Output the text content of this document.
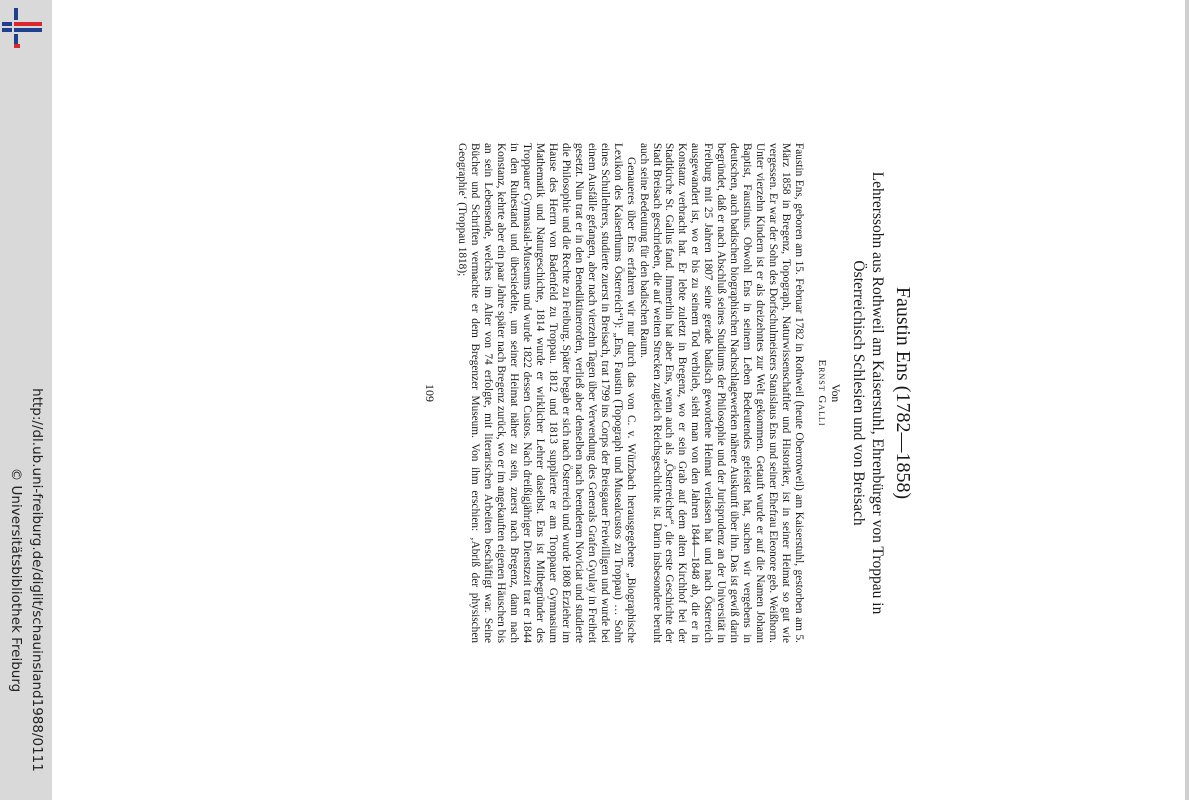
http://dl.ub.uni-freiburg.de/diglit/schauinsland1988/0111
© Universitätsbibliothek Freiburg
Faustin Ens (1782—1858)
Lehrerssohn aus Rothweil am Kaiserstuhl, Ehrenbürger von Troppau in Österreichisch Schlesien und von Breisach
Von
Ernst Galli

Faustin Ens, geboren am 15. Februar 1782 in Rothweil (heute Oberrotweil) am Kaiserstuhl, gestorben am 5. März 1858 in Bregenz, Topograph, Naturwissenschaftler und Historiker, ist in seiner Heimat so gut wie vergessen. Er war der Sohn des Dorfschulmeisters Stanislaus Ens und seiner Ehefrau Eleonore geb. Weißhorn. Unter vierzehn Kindern ist er als dreizehntes zur Welt gekommen. Getauft wurde er auf die Namen Johann Baptist, Faustinus. Obwohl Ens in seinem Leben Bedeutendes geleistet hat, suchen wir vergebens in deutschen, auch badischen biographischen Nachschlagewerken nähere Auskunft über ihn. Das ist gewiß darin begründet, daß er nach Abschluß seines Studiums der Philosophie und der Jurisprudenz an der Universität in Freiburg mit 25 Jahren 1807 seine gerade badisch gewordene Heimat verlassen hat und nach Österreich ausgewandert ist, wo er bis zu seinem Tod verblieb, sieht man von den Jahren 1844—1848 ab, die er in Konstanz verbracht hat. Er lebte zuletzt in Bregenz, wo er sein Grab auf dem alten Kirchhof bei der Stadtkirche St. Gallus fand. Immerhin hat aber Ens, wenn auch als „Österreicher“, die erste Geschichte der Stadt Breisach geschrieben, die auf weiten Strecken zugleich Reichsgeschichte ist. Darin insbesondere beruht auch seine Bedeutung für den badischen Raum.

Genaueres über Ens erfahren wir nur durch das von C. v. Würzbach herausgegebene „Biographische Lexikon des Kaiserthums Österreich“¹): „Ens, Faustin (Topograph und Musealcustos zu Troppau) … Sohn eines Schullehrers, studierte zuerst in Breisach, trat 1799 ins Corps der Breisgauer Freiwilligen und wurde bei einem Ausfälle gefangen, aber nach vierzehn Tagen über Verwendung des Generals Grafen Gyulay in Freiheit gesetzt. Nun trat er in den Benediktinerorden, verließ aber denselben nach beendetem Noviciat und studierte die Philosophie und die Rechte zu Freiburg. Später begab er sich nach Österreich und wurde 1808 Erzieher im Hause des Herrn von Badenfeld zu Troppau. 1812 und 1813 supplierte er am Troppauer Gymnasium Mathematik und Naturgeschichte, 1814 wurde er wirklicher Lehrer daselbst. Ens ist Mitbegründer des Troppauer Gymnasial-Museums und wurde 1822 dessen Custos. Nach dreißigjähriger Dienstzeit trat er 1844 in den Ruhestand und übersiedelte, um seiner Heimat näher zu sein, zuerst nach Bregenz, dann nach Konstanz, kehrte aber ein paar Jahre später nach Bregenz zurück, wo er im angekauften eigenen Häuschen bis an sein Lebensende, welches im Alter von 74 erfolgte, mit literarischen Arbeiten beschäftigt war. Seine Bücher und Schriften vermachte er dem Bregenzer Museum. Von ihm erschien: ‚Abriß der physischen Geographie‘ (Troppau 1818);

109
